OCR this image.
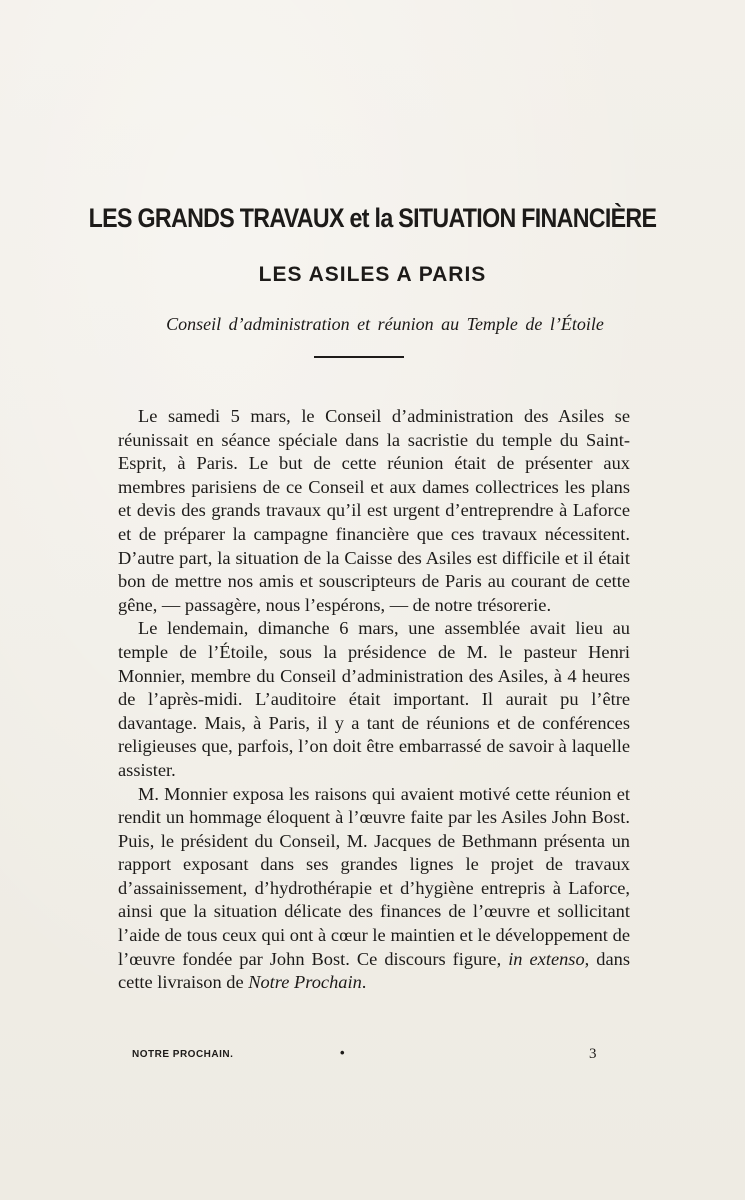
LES GRANDS TRAVAUX et la SITUATION FINANCIÈRE
LES ASILES A PARIS

Conseil d’administration et réunion au Temple de l’Étoile

Le samedi 5 mars, le Conseil d’administration des Asiles se réunissait en séance spéciale dans la sacristie du temple du Saint-Esprit, à Paris. Le but de cette réunion était de présenter aux membres parisiens de ce Conseil et aux dames collectrices les plans et devis des grands travaux qu’il est urgent d’entreprendre à Laforce et de préparer la campagne financière que ces travaux nécessitent. D’autre part, la situation de la Caisse des Asiles est difficile et il était bon de mettre nos amis et souscripteurs de Paris au courant de cette gêne, — passagère, nous l’espérons, — de notre trésorerie.

Le lendemain, dimanche 6 mars, une assemblée avait lieu au temple de l’Étoile, sous la présidence de M. le pasteur Henri Monnier, membre du Conseil d’administration des Asiles, à 4 heures de l’après-midi. L’auditoire était important. Il aurait pu l’être davantage. Mais, à Paris, il y a tant de réunions et de conférences religieuses que, parfois, l’on doit être embarrassé de savoir à laquelle assister.

M. Monnier exposa les raisons qui avaient motivé cette réunion et rendit un hommage éloquent à l’œuvre faite par les Asiles John Bost. Puis, le président du Conseil, M. Jacques de Bethmann présenta un rapport exposant dans ses grandes lignes le projet de travaux d’assainissement, d’hydrothérapie et d’hygiène entrepris à Laforce, ainsi que la situation délicate des finances de l’œuvre et sollicitant l’aide de tous ceux qui ont à cœur le maintien et le développement de l’œuvre fondée par John Bost. Ce discours figure, in extenso, dans cette livraison de Notre Prochain.

NOTRE PROCHAIN.	•	3
